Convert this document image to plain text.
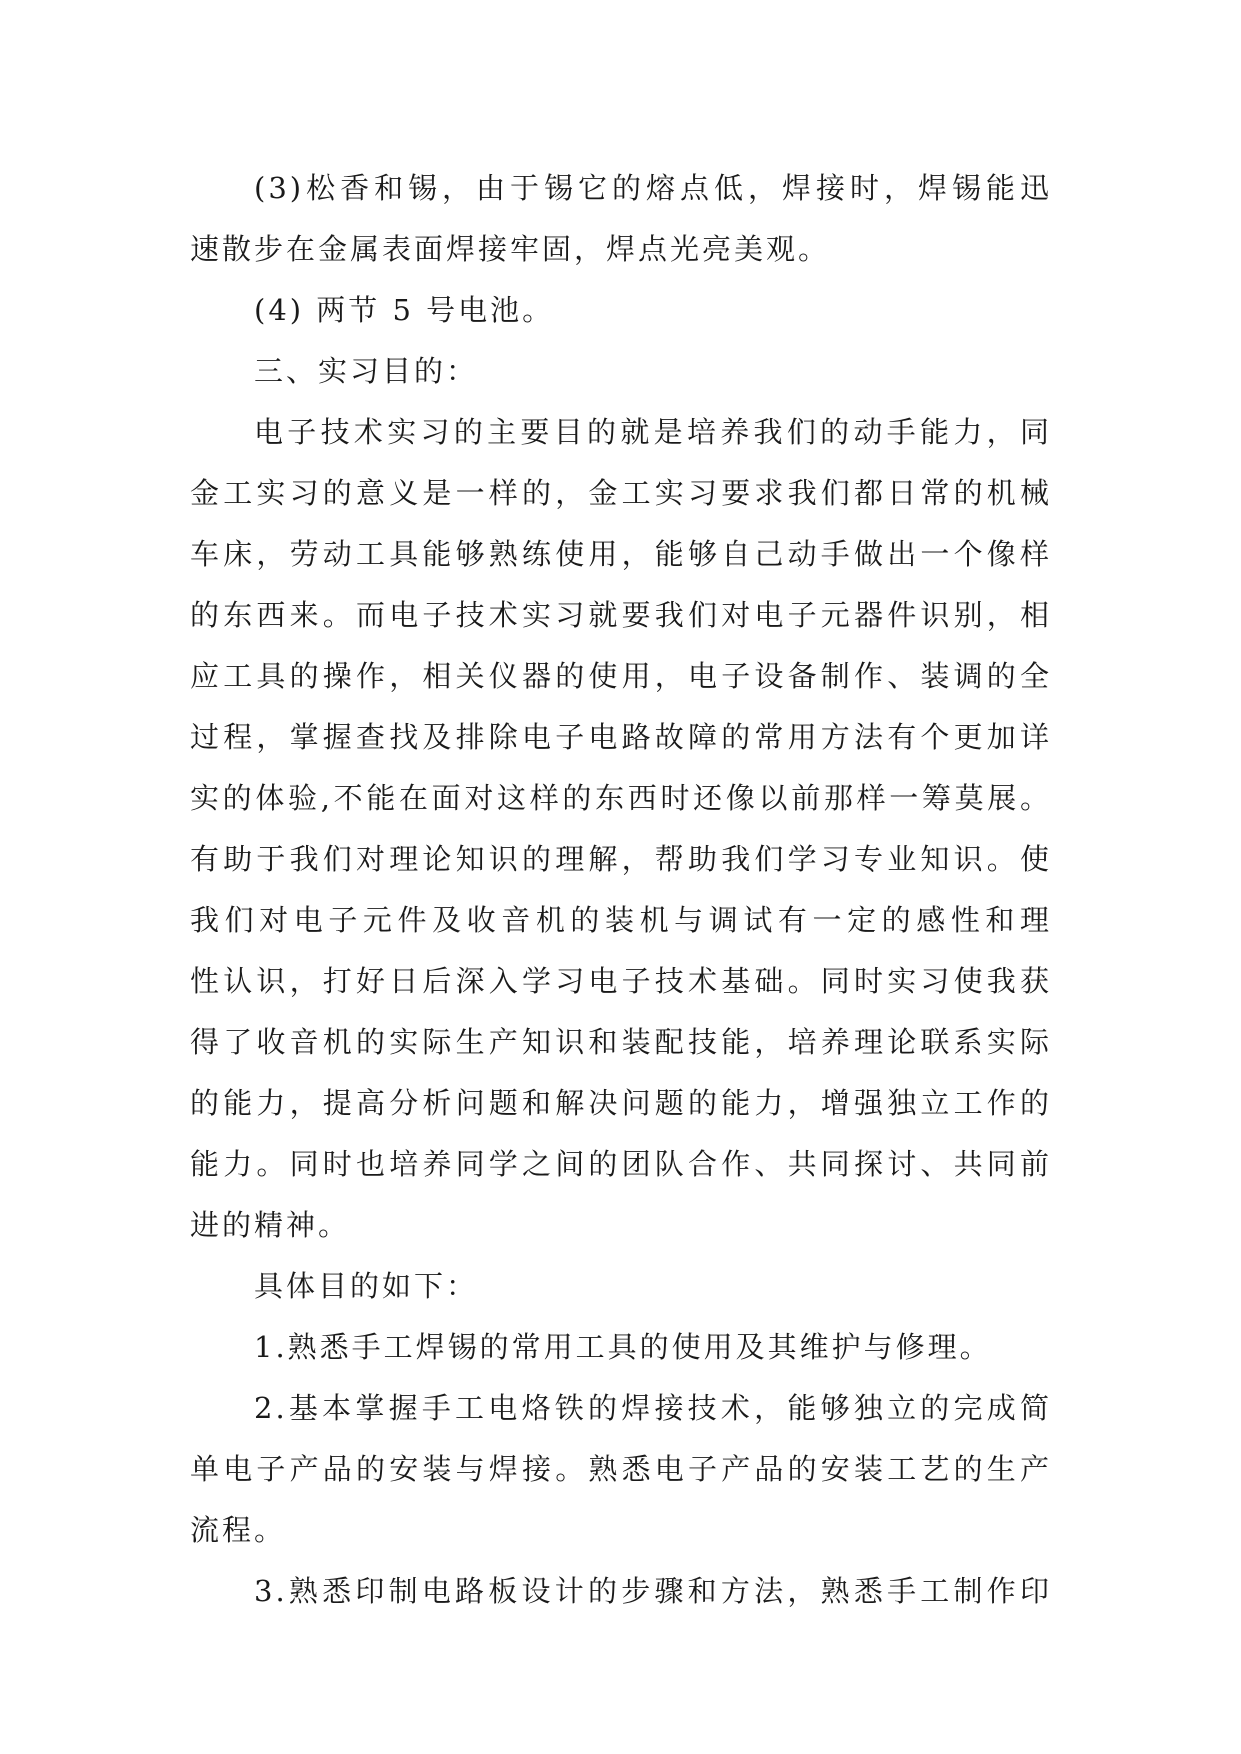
(3)松香和锡，由于锡它的熔点低，焊接时，焊锡能迅
速散步在金属表面焊接牢固，焊点光亮美观。
(4) 两节 5 号电池。
三、实习目的：
电子技术实习的主要目的就是培养我们的动手能力，同
金工实习的意义是一样的，金工实习要求我们都日常的机械
车床，劳动工具能够熟练使用，能够自己动手做出一个像样
的东西来。而电子技术实习就要我们对电子元器件识别，相
应工具的操作，相关仪器的使用，电子设备制作、装调的全
过程，掌握查找及排除电子电路故障的常用方法有个更加详
实的体验,不能在面对这样的东西时还像以前那样一筹莫展。
有助于我们对理论知识的理解，帮助我们学习专业知识。使
我们对电子元件及收音机的装机与调试有一定的感性和理
性认识，打好日后深入学习电子技术基础。同时实习使我获
得了收音机的实际生产知识和装配技能，培养理论联系实际
的能力，提高分析问题和解决问题的能力，增强独立工作的
能力。同时也培养同学之间的团队合作、共同探讨、共同前
进的精神。
具体目的如下：
1.熟悉手工焊锡的常用工具的使用及其维护与修理。
2.基本掌握手工电烙铁的焊接技术，能够独立的完成简
单电子产品的安装与焊接。熟悉电子产品的安装工艺的生产
流程。
3.熟悉印制电路板设计的步骤和方法，熟悉手工制作印
